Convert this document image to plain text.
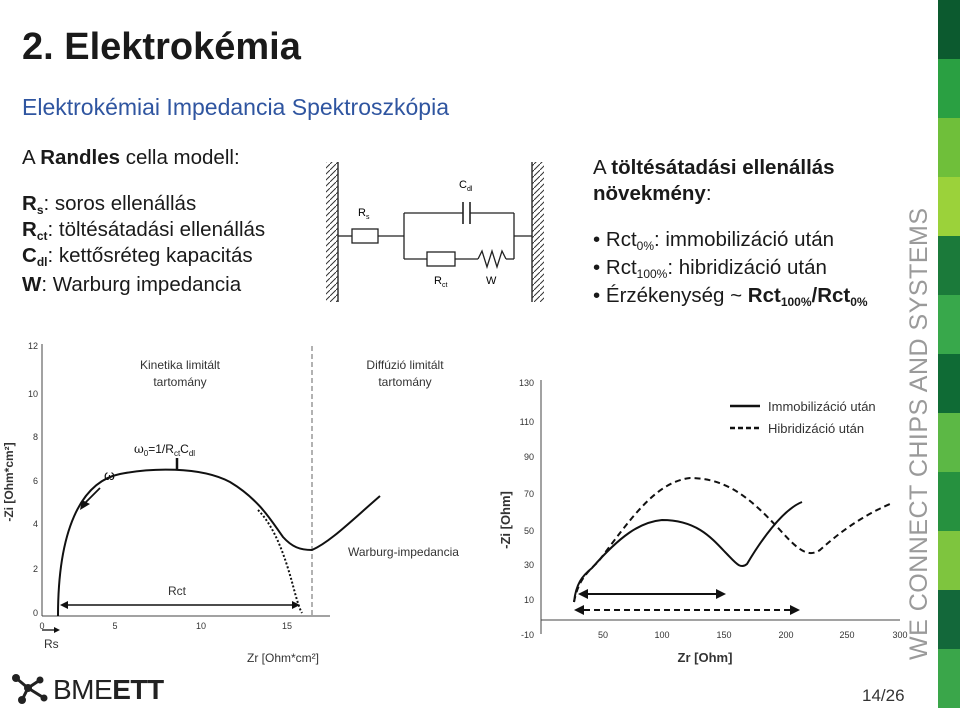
2. Elektrokémia
Elektrokémiai Impedancia Spektroszkópia
A Randles cella modell:
$R_s$: soros ellenállás
$R_{ct}$: töltésátadási ellenállás
$C_{dl}$: kettősréteg kapacitás
W: Warburg impedancia
A töltésátadási ellenállás
növekmény:
• Rct$_{0\%}$: immobilizáció után
• Rct$_{100\%}$: hibridizáció után
• Érzékenység ~ Rct$_{100\%}$/Rct$_{0\%}$
$R_s$
$C_{dl}$
$R_{ct}$	W
-Zi [Ohm*cm²]
12
10
8
6
4
2
0
0	5	10	15
Zr [Ohm*cm²]
Kinetika limitált
tartomány
Diffúzió limitált
tartomány
$\omega_0=1/R_{ct}C_{dl}$
ω
Warburg-impedancia
Rct
Rs
-Zi [Ohm]
130
110
90
70
50
30
10
-10	50	100	150	200	250	300
Zr [Ohm]
Immobilizáció után
Hibridizáció után WE CONNECT CHIPS AND SYSTEMS
BMEETT	14/26
